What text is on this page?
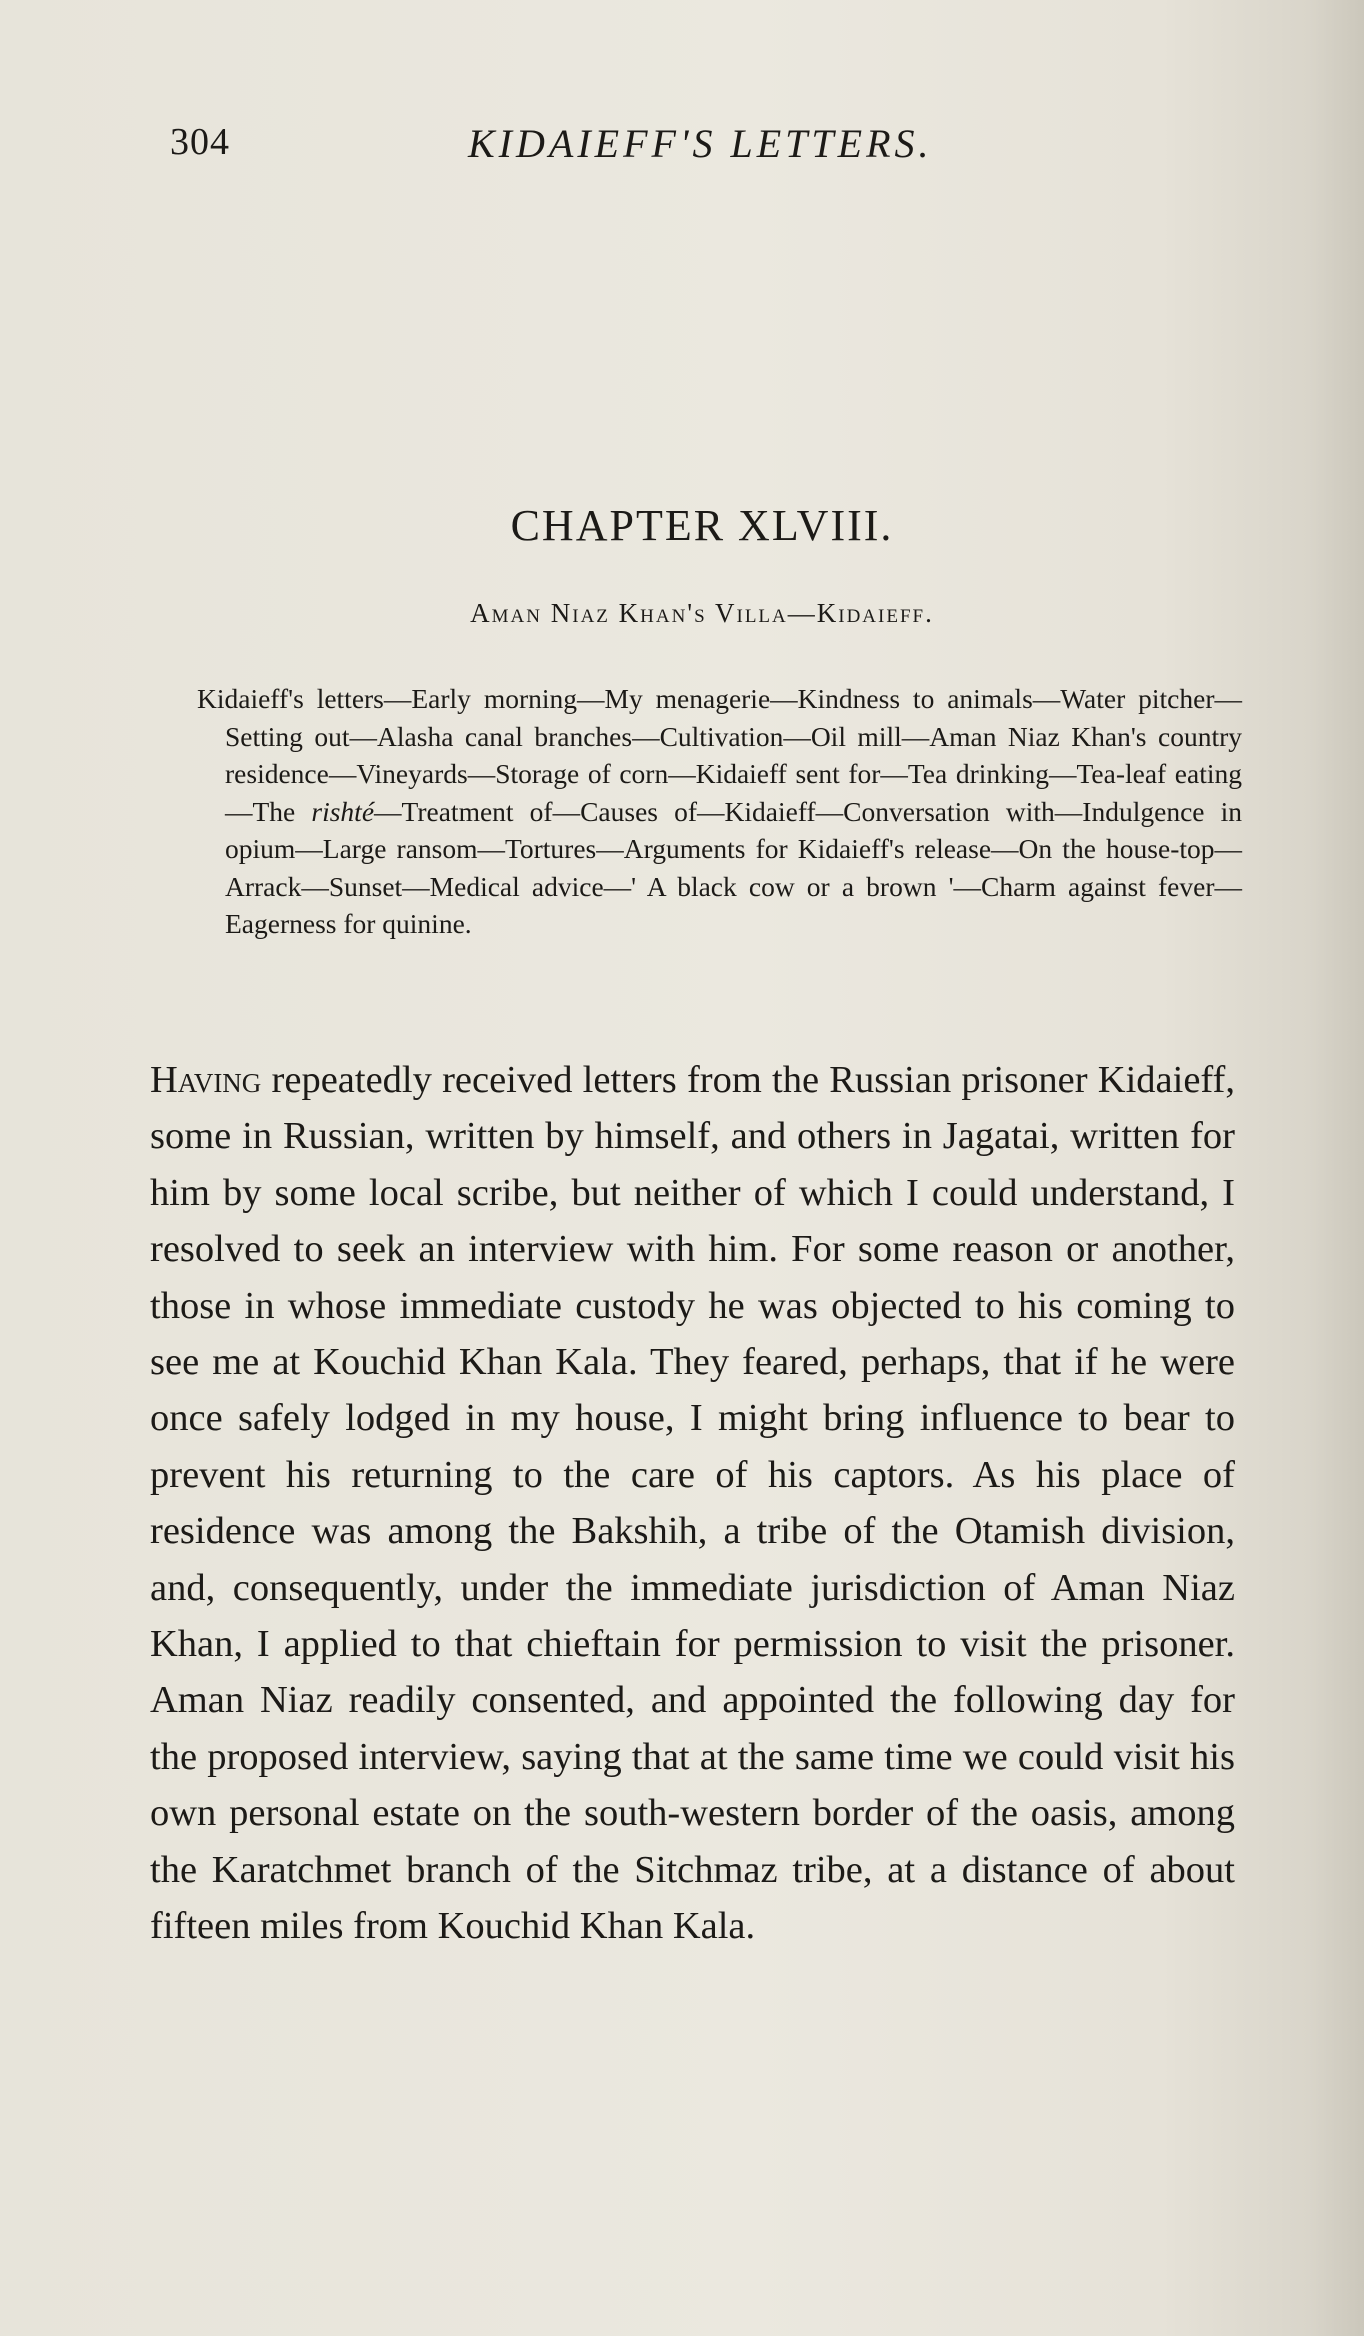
304	KIDAIEFF'S LETTERS.
CHAPTER XLVIII.
Aman Niaz Khan's Villa—Kidaieff.

Kidaieff's letters—Early morning—My menagerie—Kindness to animals—Water pitcher—Setting out—Alasha canal branches—Cultivation—Oil mill—Aman Niaz Khan's country residence—Vineyards—Storage of corn—Kidaieff sent for—Tea drinking—Tea-leaf eating—The rishté—Treatment of—Causes of—Kidaieff—Conversation with—Indulgence in opium—Large ransom—Tortures—Arguments for Kidaieff's release—On the house-top—Arrack—Sunset—Medical advice—' A black cow or a brown '—Charm against fever—Eagerness for quinine.

Having repeatedly received letters from the Russian prisoner Kidaieff, some in Russian, written by himself, and others in Jagatai, written for him by some local scribe, but neither of which I could understand, I resolved to seek an interview with him. For some reason or another, those in whose immediate custody he was objected to his coming to see me at Kouchid Khan Kala. They feared, perhaps, that if he were once safely lodged in my house, I might bring influence to bear to prevent his returning to the care of his captors. As his place of residence was among the Bakshih, a tribe of the Otamish division, and, consequently, under the immediate jurisdiction of Aman Niaz Khan, I applied to that chieftain for permission to visit the prisoner. Aman Niaz readily consented, and appointed the following day for the proposed interview, saying that at the same time we could visit his own personal estate on the south-western border of the oasis, among the Karatchmet branch of the Sitchmaz tribe, at a distance of about fifteen miles from Kouchid Khan Kala.
